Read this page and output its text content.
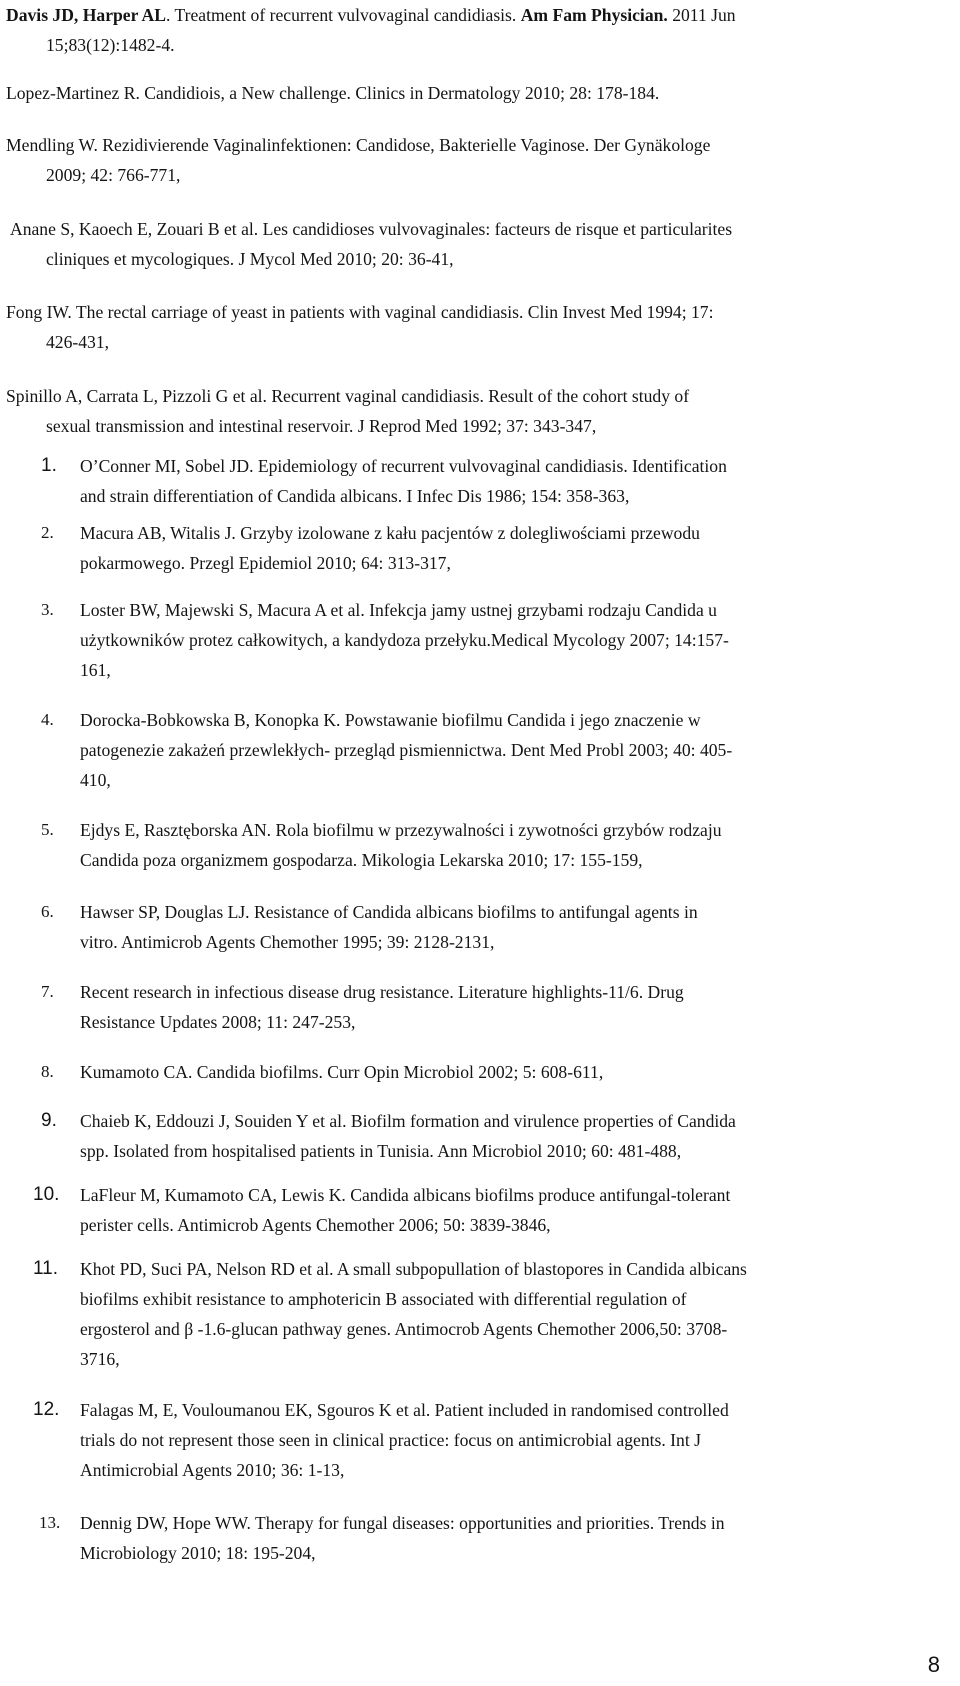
Davis JD, Harper AL. Treatment of recurrent vulvovaginal candidiasis. Am Fam Physician. 2011 Jun
15;83(12):1482-4.
Lopez-Martinez R. Candidiois, a New challenge. Clinics in Dermatology 2010; 28: 178-184.
Mendling W. Rezidivierende Vaginalinfektionen: Candidose, Bakterielle Vaginose. Der Gynäkologe
2009; 42: 766-771,
Anane S, Kaoech E, Zouari B et al. Les candidioses vulvovaginales: facteurs de risque et particularites
cliniques et mycologiques. J Mycol Med 2010; 20: 36-41,
Fong IW. The rectal carriage of yeast in patients with vaginal candidiasis. Clin Invest Med 1994; 17:
426-431,
Spinillo A, Carrata L, Pizzoli G et al. Recurrent vaginal candidiasis. Result of the cohort study of
sexual transmission and intestinal reservoir. J Reprod Med 1992; 37: 343-347,
1.	O’Conner MI, Sobel JD. Epidemiology of recurrent vulvovaginal candidiasis. Identification
and strain differentiation of Candida albicans. I Infec Dis 1986; 154: 358-363,
2.	Macura AB, Witalis J. Grzyby izolowane z kału pacjentów z dolegliwościami przewodu
pokarmowego. Przegl Epidemiol 2010; 64: 313-317,
3.	Loster BW, Majewski S, Macura A et al. Infekcja jamy ustnej grzybami rodzaju Candida u
użytkowników protez całkowitych, a kandydoza przełyku.Medical Mycology 2007; 14:157-
161,
4.	Dorocka-Bobkowska B, Konopka K. Powstawanie biofilmu Candida i jego znaczenie w
patogenezie zakażeń przewlekłych- przegląd pismiennictwa. Dent Med Probl 2003; 40: 405-
410,
5.	Ejdys E, Rasztęborska AN. Rola biofilmu w przezywalności i zywotności grzybów rodzaju
Candida poza organizmem gospodarza. Mikologia Lekarska 2010; 17: 155-159,
6.	Hawser SP, Douglas LJ. Resistance of Candida albicans biofilms to antifungal agents in
vitro. Antimicrob Agents Chemother 1995; 39: 2128-2131,
7.	Recent research in infectious disease drug resistance. Literature highlights-11/6. Drug
Resistance Updates 2008; 11: 247-253,
8.	Kumamoto CA. Candida biofilms. Curr Opin Microbiol 2002; 5: 608-611,
9.	Chaieb K, Eddouzi J, Souiden Y et al. Biofilm formation and virulence properties of Candida
spp. Isolated from hospitalised patients in Tunisia. Ann Microbiol 2010; 60: 481-488,
10.	LaFleur M, Kumamoto CA, Lewis K. Candida albicans biofilms produce antifungal-tolerant
perister cells. Antimicrob Agents Chemother 2006; 50: 3839-3846,
11.	Khot PD, Suci PA, Nelson RD et al. A small subpopullation of blastopores in Candida albicans
biofilms exhibit resistance to amphotericin B associated with differential regulation of
ergosterol and β -1.6-glucan pathway genes. Antimocrob Agents Chemother 2006,50: 3708-
3716,
12.	Falagas M, E, Vouloumanou EK, Sgouros K et al. Patient included in randomised controlled
trials do not represent those seen in clinical practice: focus on antimicrobial agents. Int J
Antimicrobial Agents 2010; 36: 1-13,
13.	Dennig DW, Hope WW. Therapy for fungal diseases: opportunities and priorities. Trends in
Microbiology 2010; 18: 195-204,
8
